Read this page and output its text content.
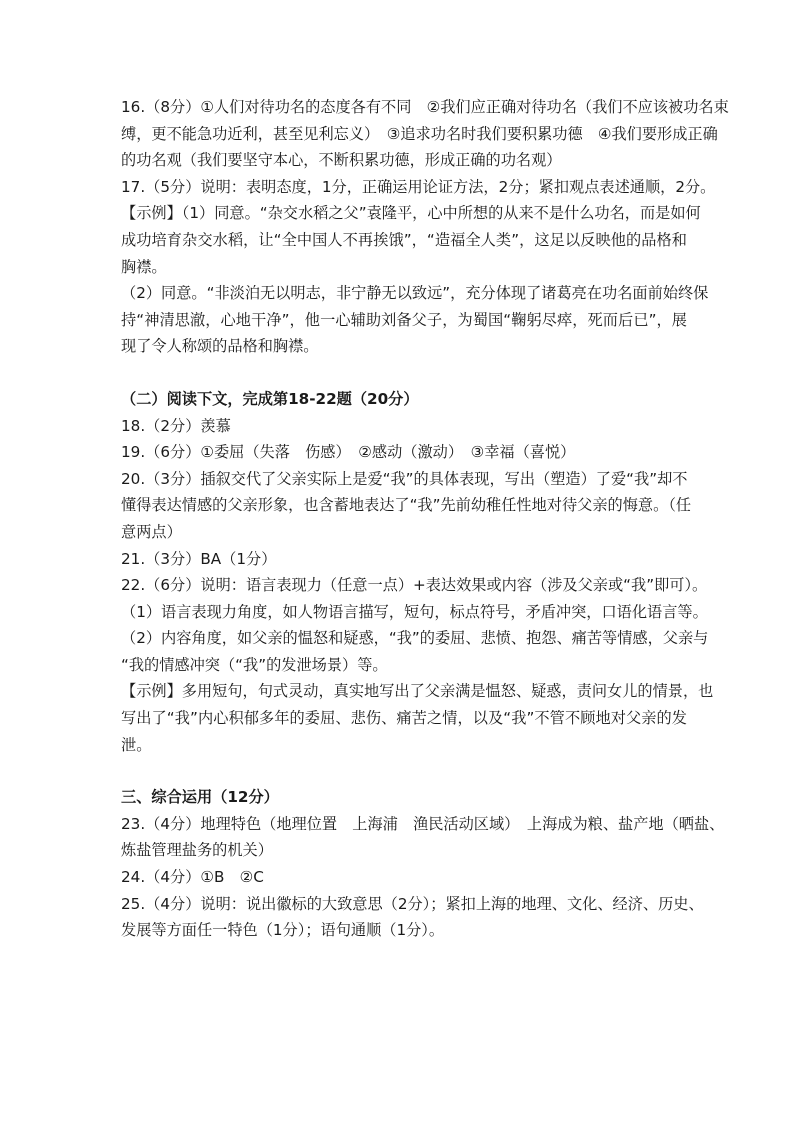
16.（8分）①人们对待功名的态度各有不同　②我们应正确对待功名（我们不应该被功名束
缚，更不能急功近利，甚至见利忘义）　③追求功名时我们要积累功德　④我们要形成正确
的功名观（我们要坚守本心，不断积累功德，形成正确的功名观）
17.（5分）说明：表明态度，1分，正确运用论证方法，2分；紧扣观点表述通顺，2分。
【示例】（1）同意。“杂交水稻之父”袁隆平，心中所想的从来不是什么功名，而是如何
成功培育杂交水稻，让“全中国人不再挨饿”，“造福全人类”，这足以反映他的品格和
胸襟。
（2）同意。“非淡泊无以明志，非宁静无以致远”，充分体现了诸葛亮在功名面前始终保
持“神清思澈，心地干净”，他一心辅助刘备父子，为蜀国“鞠躬尽瘁，死而后已”，展
现了令人称颂的品格和胸襟。
（二）阅读下文，完成第18-22题（20分）
18.（2分）羡慕
19.（6分）①委屈（失落　伤感）　②感动（激动）　③幸福（喜悦）
20.（3分）插叙交代了父亲实际上是爱“我”的具体表现，写出（塑造）了爱“我”却不
懂得表达情感的父亲形象，也含蓄地表达了“我”先前幼稚任性地对待父亲的悔意。（任
意两点）
21.（3分）BA（1分）
22.（6分）说明：语言表现力（任意一点）+表达效果或内容（涉及父亲或“我”即可）。
（1）语言表现力角度，如人物语言描写，短句，标点符号，矛盾冲突，口语化语言等。
（2）内容角度，如父亲的愠怒和疑惑，“我”的委屈、悲愤、抱怨、痛苦等情感，父亲与
“我的情感冲突（“我”的发泄场景）等。
【示例】多用短句，句式灵动，真实地写出了父亲满是愠怒、疑惑，责问女儿的情景，也
写出了“我”内心积郁多年的委屈、悲伤、痛苦之情，以及“我”不管不顾地对父亲的发
泄。
三、综合运用（12分）
23.（4分）地理特色（地理位置　上海浦　渔民活动区域）　上海成为粮、盐产地（晒盐、
炼盐管理盐务的机关）
24.（4分）①B　②C
25.（4分）说明：说出徽标的大致意思（2分）；紧扣上海的地理、文化、经济、历史、
发展等方面任一特色（1分）；语句通顺（1分）。
